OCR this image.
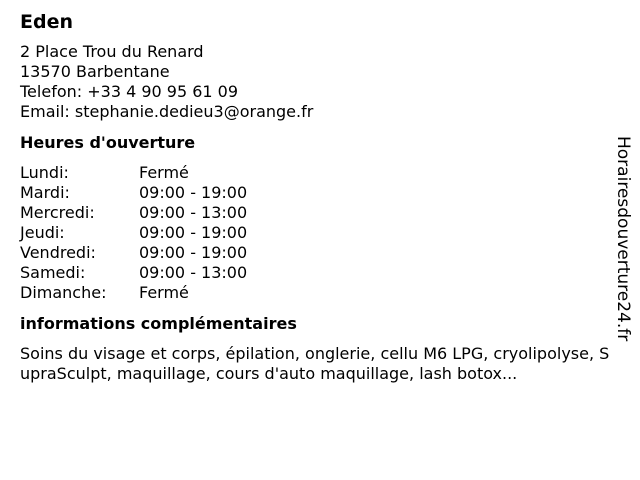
Eden
2 Place Trou du Renard
13570 Barbentane
Telefon: +33 4 90 95 61 09
Email: stephanie.dedieu3@orange.fr
Heures d'ouverture
Lundi:	Fermé
Mardi:	09:00 - 19:00
Mercredi:	09:00 - 13:00
Jeudi:	09:00 - 19:00
Vendredi:	09:00 - 19:00
Samedi:	09:00 - 13:00
Dimanche:	Fermé
informations complémentaires
Soins du visage et corps, épilation, onglerie, cellu M6 LPG, cryolipolyse, SupraSculpt, maquillage, cours d'auto maquillage, lash botox...
Horairesdouverture24.fr
